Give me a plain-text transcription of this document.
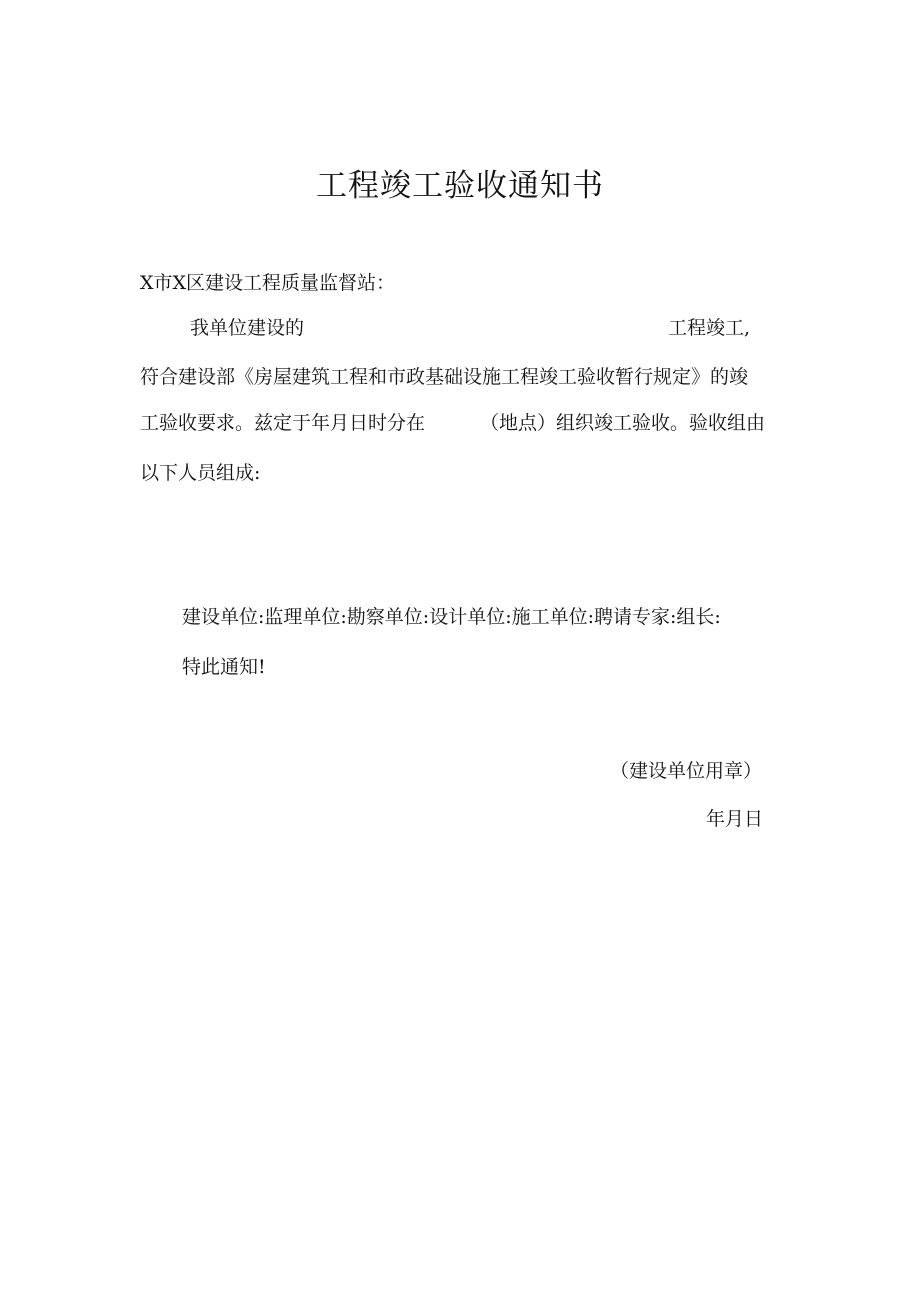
工程竣工验收通知书
X市X区建设工程质量监督站：
我单位建设的	工程竣工,
符合建设部《房屋建筑工程和市政基础设施工程竣工验收暂行规定》的竣
工验收要求。兹定于年月日时分在	（地点）组织竣工验收。验收组由
以下人员组成:
建设单位:监理单位:勘察单位:设计单位:施工单位:聘请专家:组长:
特此通知!
（建设单位用章）
年月日
